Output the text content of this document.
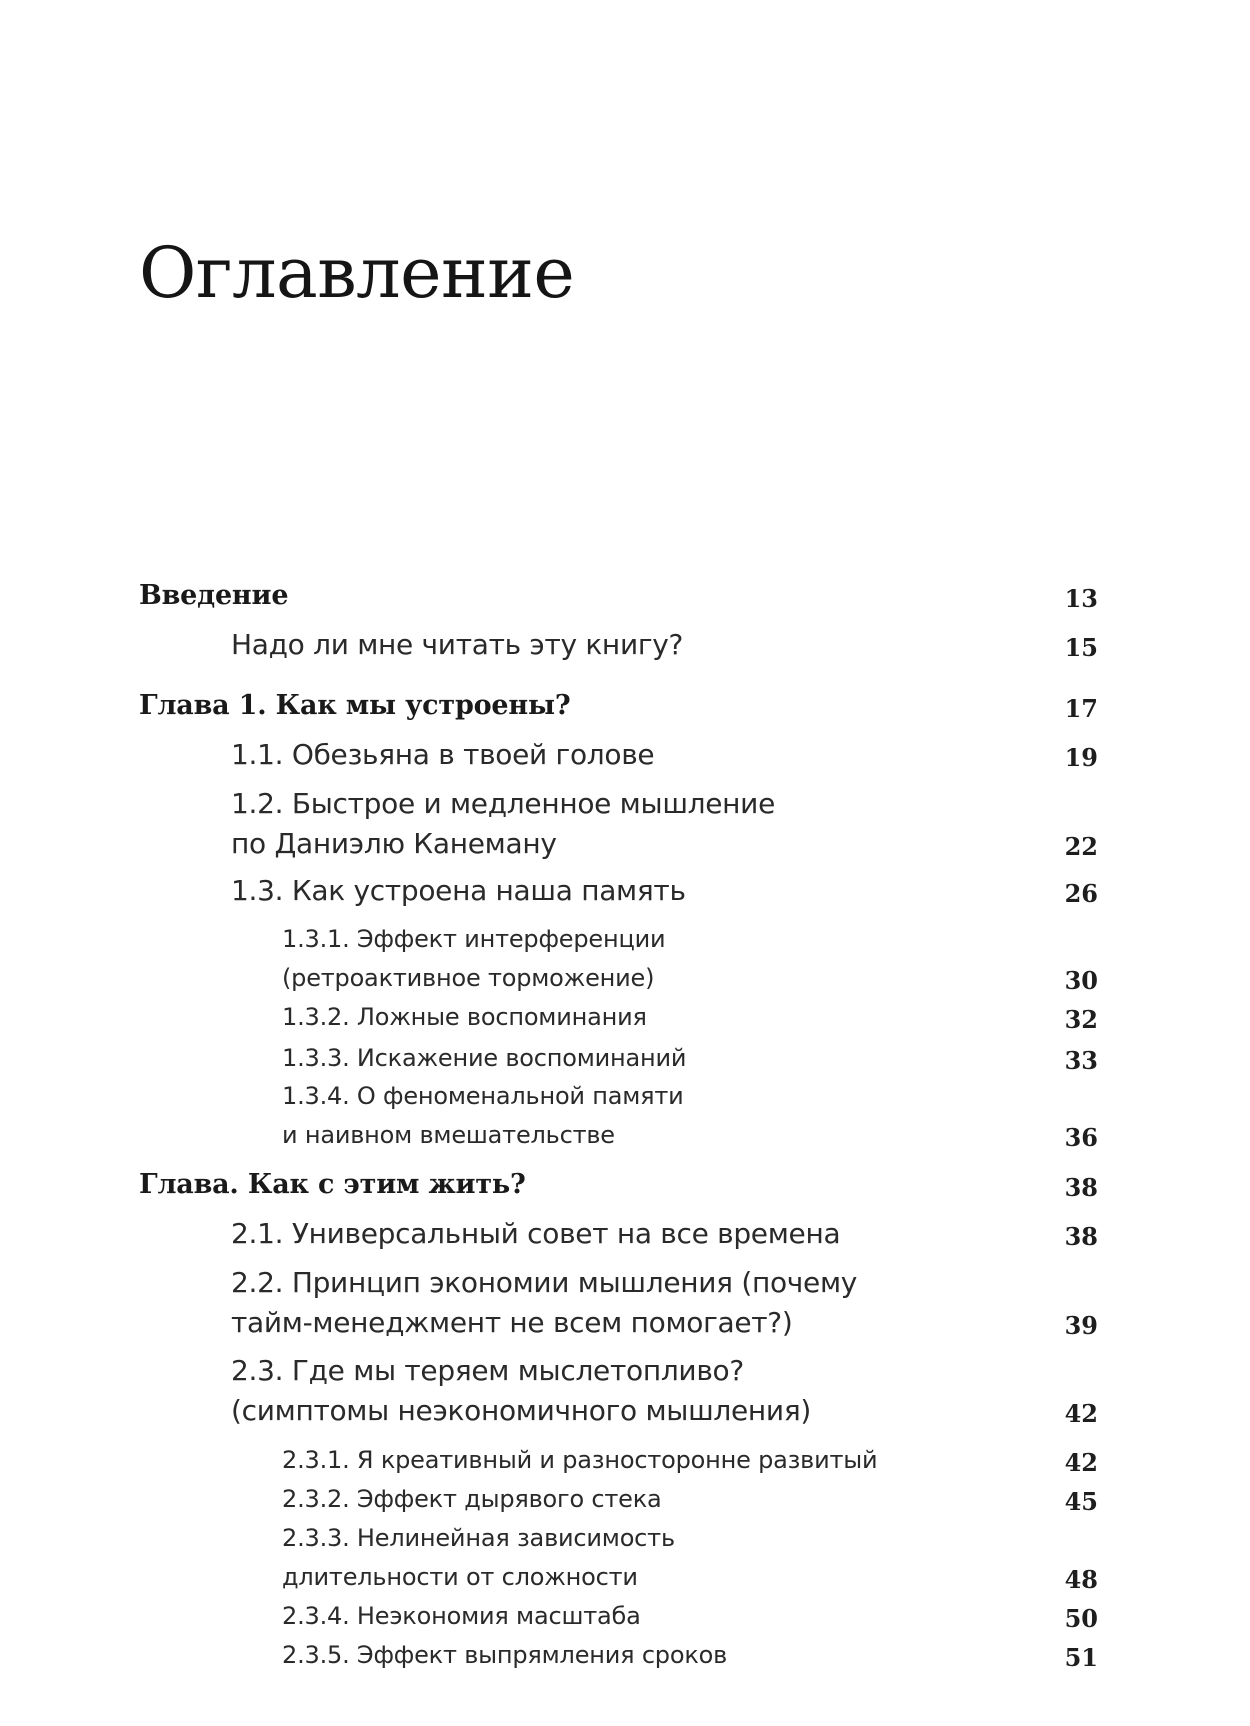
Оглавление
Введение	13
Надо ли мне читать эту книгу?	15
Глава 1. Как мы устроены?	17
1.1. Обезьяна в твоей голове	19
1.2. Быстрое и медленное мышление
по Даниэлю Канеману	22
1.3. Как устроена наша память	26
1.3.1. Эффект интерференции
(ретроактивное торможение)	30
1.3.2. Ложные воспоминания	32
1.3.3. Искажение воспоминаний	33
1.3.4. О феноменальной памяти
и наивном вмешательстве	36
Глава. Как с этим жить?	38
2.1. Универсальный совет на все времена	38
2.2. Принцип экономии мышления (почему
тайм-менеджмент не всем помогает?)	39
2.3. Где мы теряем мыслетопливо?
(симптомы неэкономичного мышления)	42
2.3.1. Я креативный и разносторонне развитый	42
2.3.2. Эффект дырявого стека	45
2.3.3. Нелинейная зависимость
длительности от сложности	48
2.3.4. Неэкономия масштаба	50
2.3.5. Эффект выпрямления сроков	51
